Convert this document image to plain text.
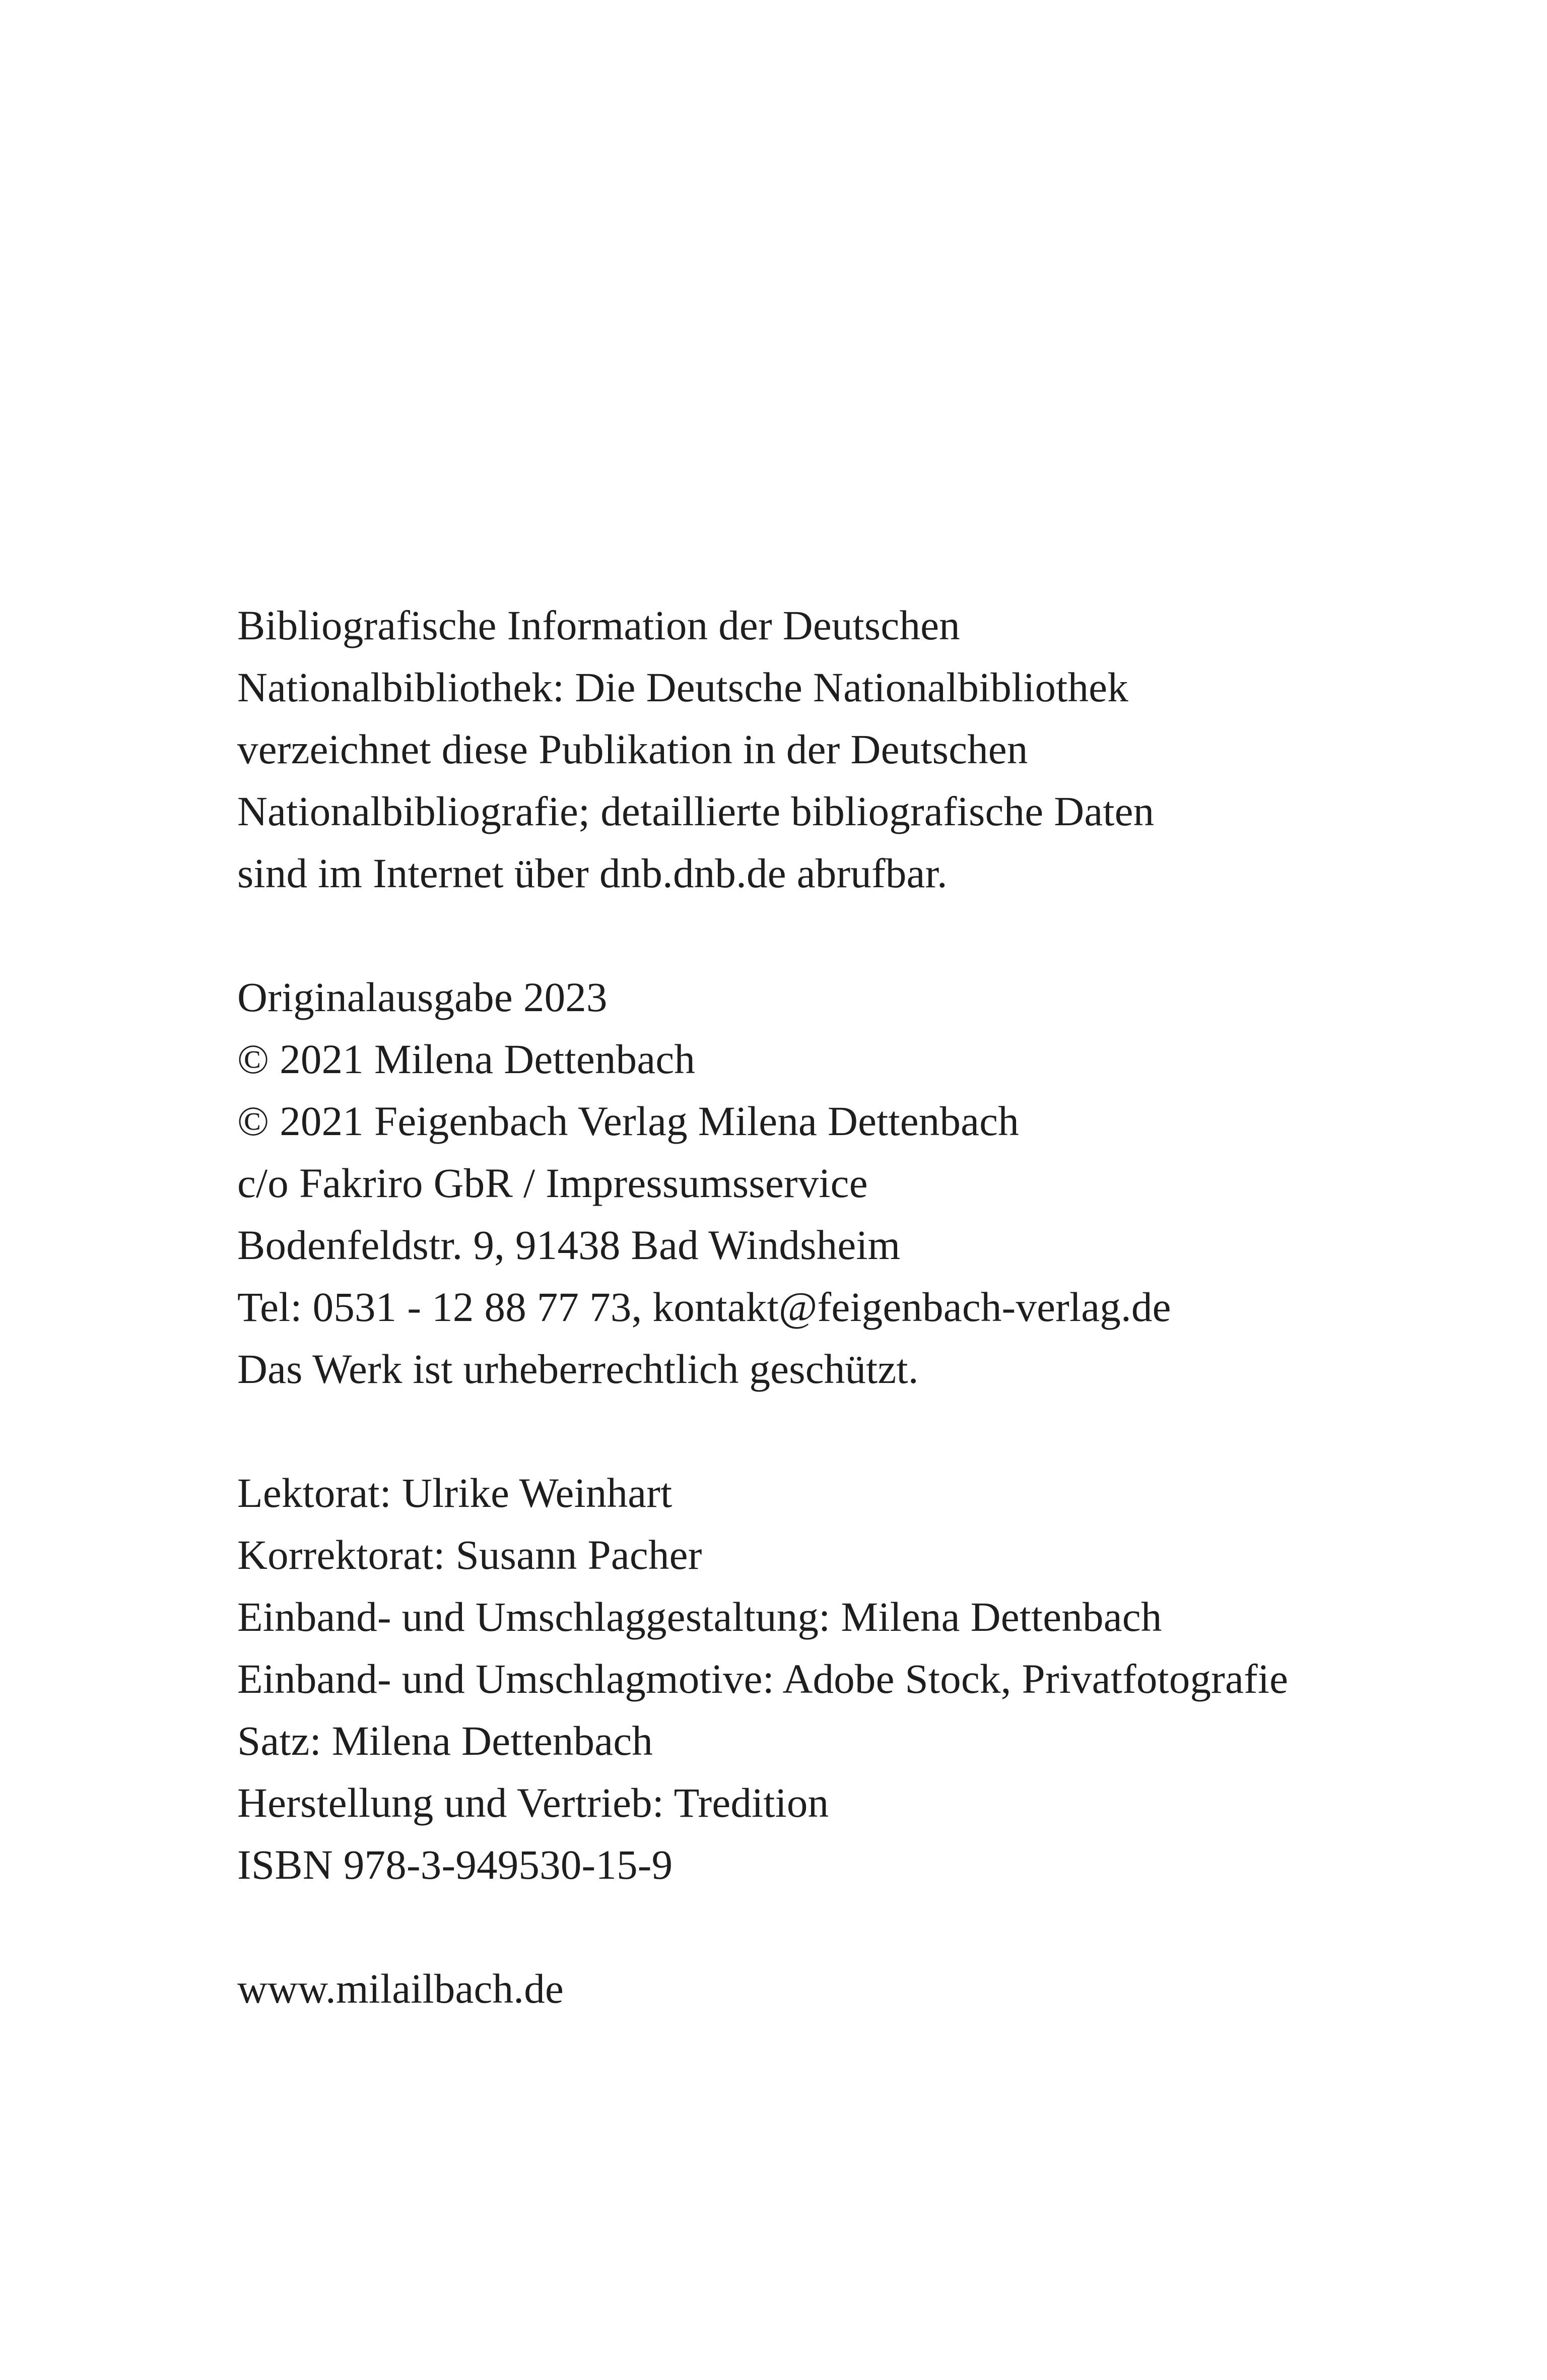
Bibliografische Information der Deutschen
Nationalbibliothek: Die Deutsche Nationalbibliothek
verzeichnet diese Publikation in der Deutschen
Nationalbibliografie; detaillierte bibliografische Daten
sind im Internet über dnb.dnb.de abrufbar.
Originalausgabe 2023
© 2021 Milena Dettenbach
© 2021 Feigenbach Verlag Milena Dettenbach
c/o Fakriro GbR / Impressumsservice
Bodenfeldstr. 9, 91438 Bad Windsheim
Tel: 0531 - 12 88 77 73, kontakt@feigenbach-verlag.de
Das Werk ist urheberrechtlich geschützt.
Lektorat: Ulrike Weinhart
Korrektorat: Susann Pacher
Einband- und Umschlaggestaltung: Milena Dettenbach
Einband- und Umschlagmotive: Adobe Stock, Privatfotografie
Satz: Milena Dettenbach
Herstellung und Vertrieb: Tredition
ISBN 978-3-949530-15-9
www.milailbach.de
